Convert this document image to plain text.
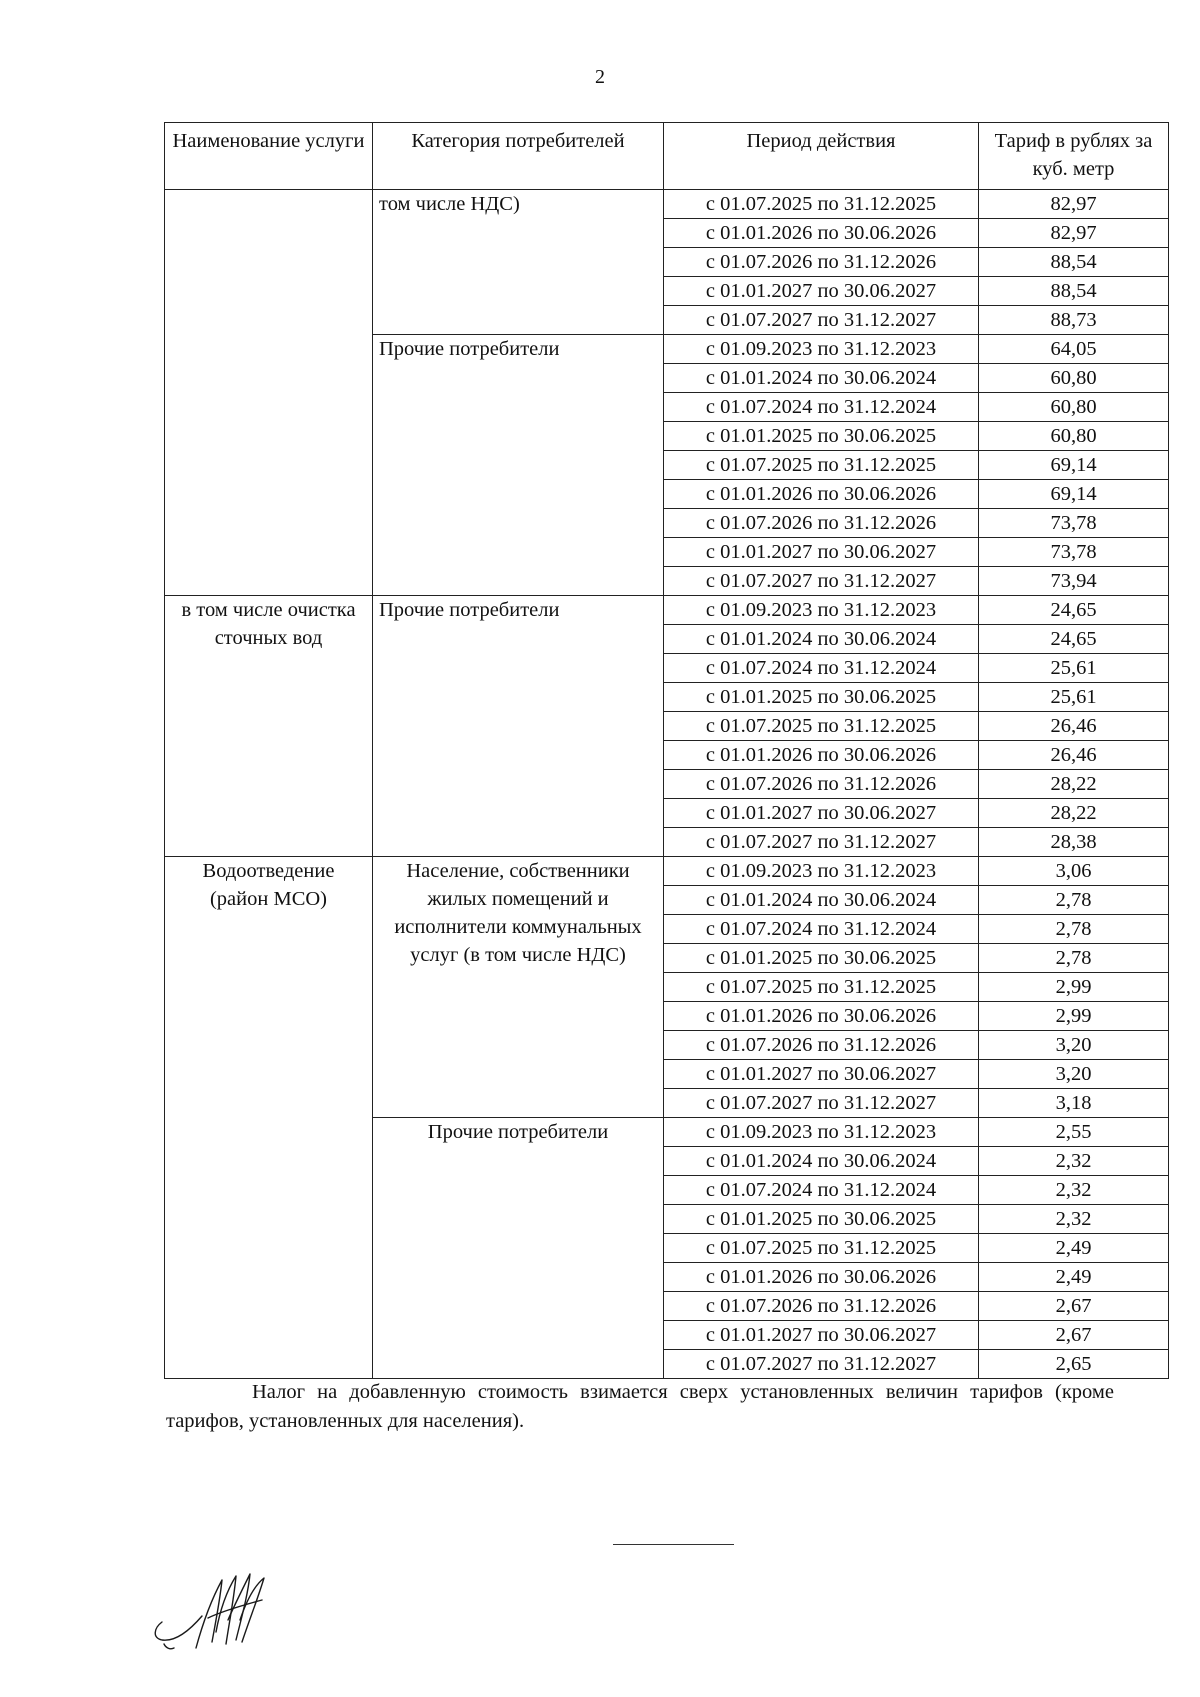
2
Наименование услуги	Категория потребителей	Период действия	Тариф в рублях за куб. метр
	том числе НДС)	с 01.07.2025 по 31.12.2025	82,97
		с 01.01.2026 по 30.06.2026	82,97
		с 01.07.2026 по 31.12.2026	88,54
		с 01.01.2027 по 30.06.2027	88,54
		с 01.07.2027 по 31.12.2027	88,73
	Прочие потребители	с 01.09.2023 по 31.12.2023	64,05
		с 01.01.2024 по 30.06.2024	60,80
		с 01.07.2024 по 31.12.2024	60,80
		с 01.01.2025 по 30.06.2025	60,80
		с 01.07.2025 по 31.12.2025	69,14
		с 01.01.2026 по 30.06.2026	69,14
		с 01.07.2026 по 31.12.2026	73,78
		с 01.01.2027 по 30.06.2027	73,78
		с 01.07.2027 по 31.12.2027	73,94
в том числе очистка сточных вод	Прочие потребители	с 01.09.2023 по 31.12.2023	24,65
		с 01.01.2024 по 30.06.2024	24,65
		с 01.07.2024 по 31.12.2024	25,61
		с 01.01.2025 по 30.06.2025	25,61
		с 01.07.2025 по 31.12.2025	26,46
		с 01.01.2026 по 30.06.2026	26,46
		с 01.07.2026 по 31.12.2026	28,22
		с 01.01.2027 по 30.06.2027	28,22
		с 01.07.2027 по 31.12.2027	28,38
Водоотведение (район МСО)	Население, собственники жилых помещений и исполнители коммунальных услуг (в том числе НДС)	с 01.09.2023 по 31.12.2023	3,06
		с 01.01.2024 по 30.06.2024	2,78
		с 01.07.2024 по 31.12.2024	2,78
		с 01.01.2025 по 30.06.2025	2,78
		с 01.07.2025 по 31.12.2025	2,99
		с 01.01.2026 по 30.06.2026	2,99
		с 01.07.2026 по 31.12.2026	3,20
		с 01.01.2027 по 30.06.2027	3,20
		с 01.07.2027 по 31.12.2027	3,18
	Прочие потребители	с 01.09.2023 по 31.12.2023	2,55
		с 01.01.2024 по 30.06.2024	2,32
		с 01.07.2024 по 31.12.2024	2,32
		с 01.01.2025 по 30.06.2025	2,32
		с 01.07.2025 по 31.12.2025	2,49
		с 01.01.2026 по 30.06.2026	2,49
		с 01.07.2026 по 31.12.2026	2,67
		с 01.01.2027 по 30.06.2027	2,67
		с 01.07.2027 по 31.12.2027	2,65
Налог на добавленную стоимость взимается сверх установленных величин тарифов (кроме тарифов, установленных для населения).
